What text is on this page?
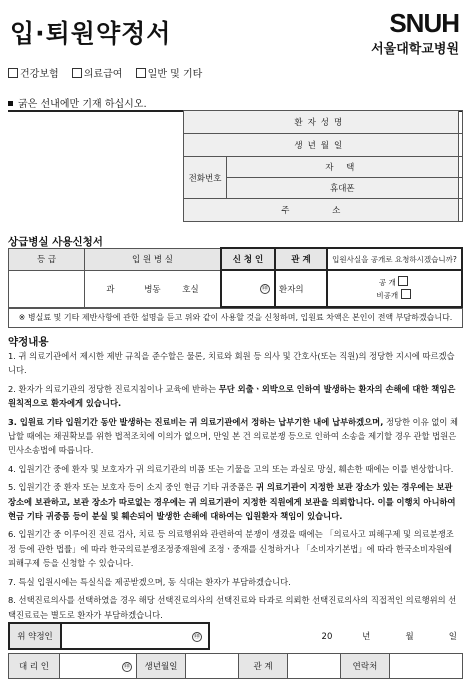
입·퇴원약정서	SNUH
서울대학교병원
건강보험	의료급여	일반 및 기타
굵은 선내에만 기재 하십시오.
환자성명		
생년월일		
전화번호	자 택	
	휴대폰	
주 소		
상급병실 사용신청서
등 급	입 원 병 실	신 청 인	관 계	입원사실을 공개로 요청하시겠습니까?
	과 병동 호실	㊞	환자의	공 개
비공개
※ 병실료 및 기타 제반사항에 관한 설명을 듣고 위와 같이 사용할 것을 신청하며, 입원료 차액은 본인이 전액 부담하겠습니다.
약정내용

1. 귀 의료기관에서 제시한 제반 규칙을 준수할은 물론, 치료와 회원 등 의사 및 간호사(또는 직원)의 정당한 지시에 따르겠습니다.

2. 환자가 의료기관의 정당한 진료지침이나 교육에 반하는 무단 외출ㆍ외박으로 인하여 발생하는 환자의 손해에 대한 책임은 원칙적으로 환자에게 있습니다.

3. 입원료 기타 입원기간 동안 발생하는 진료비는 귀 의료기관에서 정하는 납부기한 내에 납부하겠으며, 정당한 이유 없이 체납할 때에는 채권확보를 위한 법적조치에 이의가 없으며, 만일 본 건 의료분쟁 등으로 인하여 소송을 제기할 경우 관할 법원은 민사소송법에 따릅니다.

4. 입원기간 중에 환자 및 보호자가 귀 의료기관의 비품 또는 기물을 고의 또는 과실로 망실, 훼손한 때에는 이를 변상합니다.

5. 입원기간 중 환자 또는 보호자 등이 소지 중인 현금 기타 귀중품은 귀 의료기관이 지정한 보관 장소가 있는 경우에는 보관 장소에 보관하고, 보관 장소가 따로없는 경우에는 귀 의료기관이 지정한 직원에게 보관을 의뢰합니다. 이를 이행치 아니하여 현금 기타 귀중품 등이 분실 및 훼손되어 발생한 손해에 대하여는 입원환자 책임이 있습니다.

6. 입원기간 중 이루어진 진료 검사, 치료 등 의료행위와 관련하여 분쟁이 생겼을 때에는 「의료사고 피해구제 및 의료분쟁조정 등에 관한 법률」에 따라 한국의료분쟁조정중재원에 조정ㆍ중재를 신청하거나 「소비자기본법」에 따라 한국소비자원에 피해구제 등을 신청할 수 있습니다.

7. 특실 입원시에는 특실식을 제공받겠으며, 동 식대는 환자가 부담하겠습니다.

8. 선택진료의사를 선택하였을 경우 해당 선택진료의사의 선택진료와 타과로 의뢰한 선택진료의사의 직접적인 의료행위의 선택진료료는 별도로 환자가 부담하겠습니다.

위 약정인	㊞	20	년	월	일
대 리 인	㊞	생년월일		관 계		연락처	
